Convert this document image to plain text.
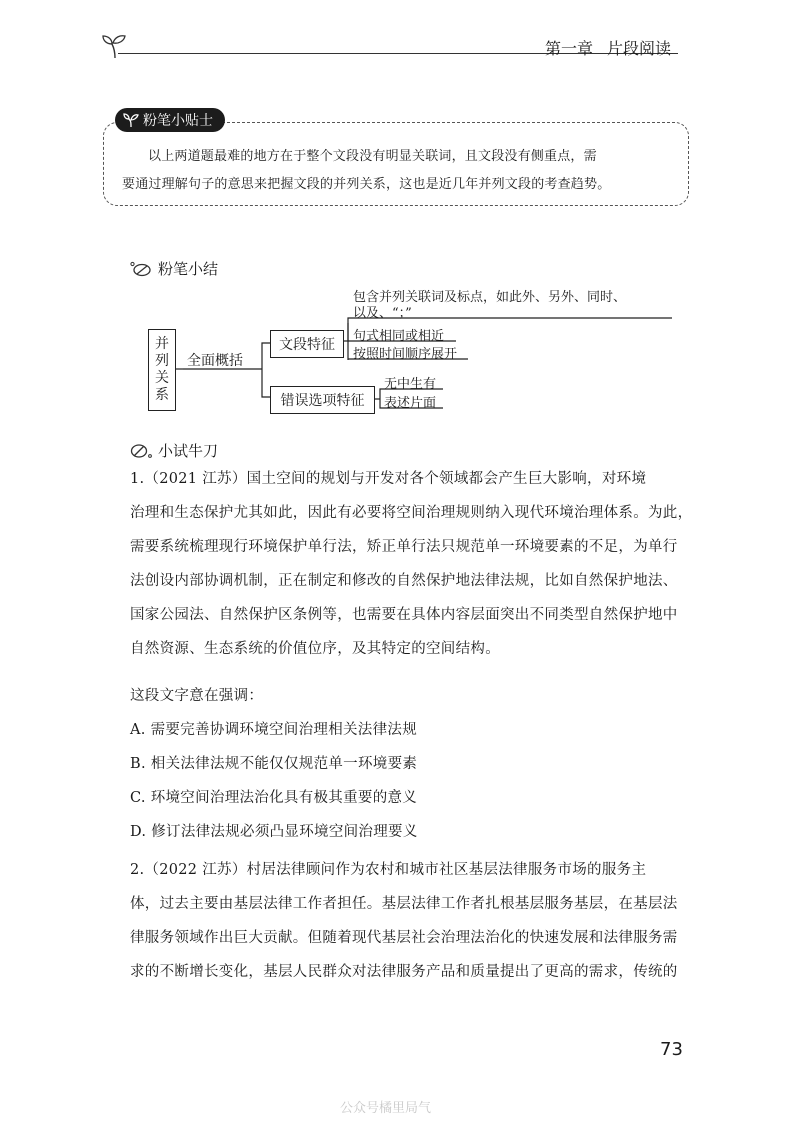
第一章 片段阅读
粉笔小贴士

以上两道题最难的地方在于整个文段没有明显关联词，且文段没有侧重点，需

要通过理解句子的意思来把握文段的并列关系，这也是近几年并列文段的考查趋势。

粉笔小结
并
列
关
系
全面概括
文段特征
错误选项特征
包含并列关联词及标点，如此外、另外、同时、
以及、“；”
句式相同或相近
按照时间顺序展开
无中生有
表述片面
小试牛刀

1.（2021 江苏）国土空间的规划与开发对各个领域都会产生巨大影响，对环境

治理和生态保护尤其如此，因此有必要将空间治理规则纳入现代环境治理体系。为此，

需要系统梳理现行环境保护单行法，矫正单行法只规范单一环境要素的不足，为单行

法创设内部协调机制，正在制定和修改的自然保护地法律法规，比如自然保护地法、

国家公园法、自然保护区条例等，也需要在具体内容层面突出不同类型自然保护地中

自然资源、生态系统的价值位序，及其特定的空间结构。

这段文字意在强调：
A. 需要完善协调环境空间治理相关法律法规
B. 相关法律法规不能仅仅规范单一环境要素
C. 环境空间治理法治化具有极其重要的意义
D. 修订法律法规必须凸显环境空间治理要义

2.（2022 江苏）村居法律顾问作为农村和城市社区基层法律服务市场的服务主

体，过去主要由基层法律工作者担任。基层法律工作者扎根基层服务基层，在基层法

律服务领域作出巨大贡献。但随着现代基层社会治理法治化的快速发展和法律服务需

求的不断增长变化，基层人民群众对法律服务产品和质量提出了更高的需求，传统的

73
公众号橘里局气
